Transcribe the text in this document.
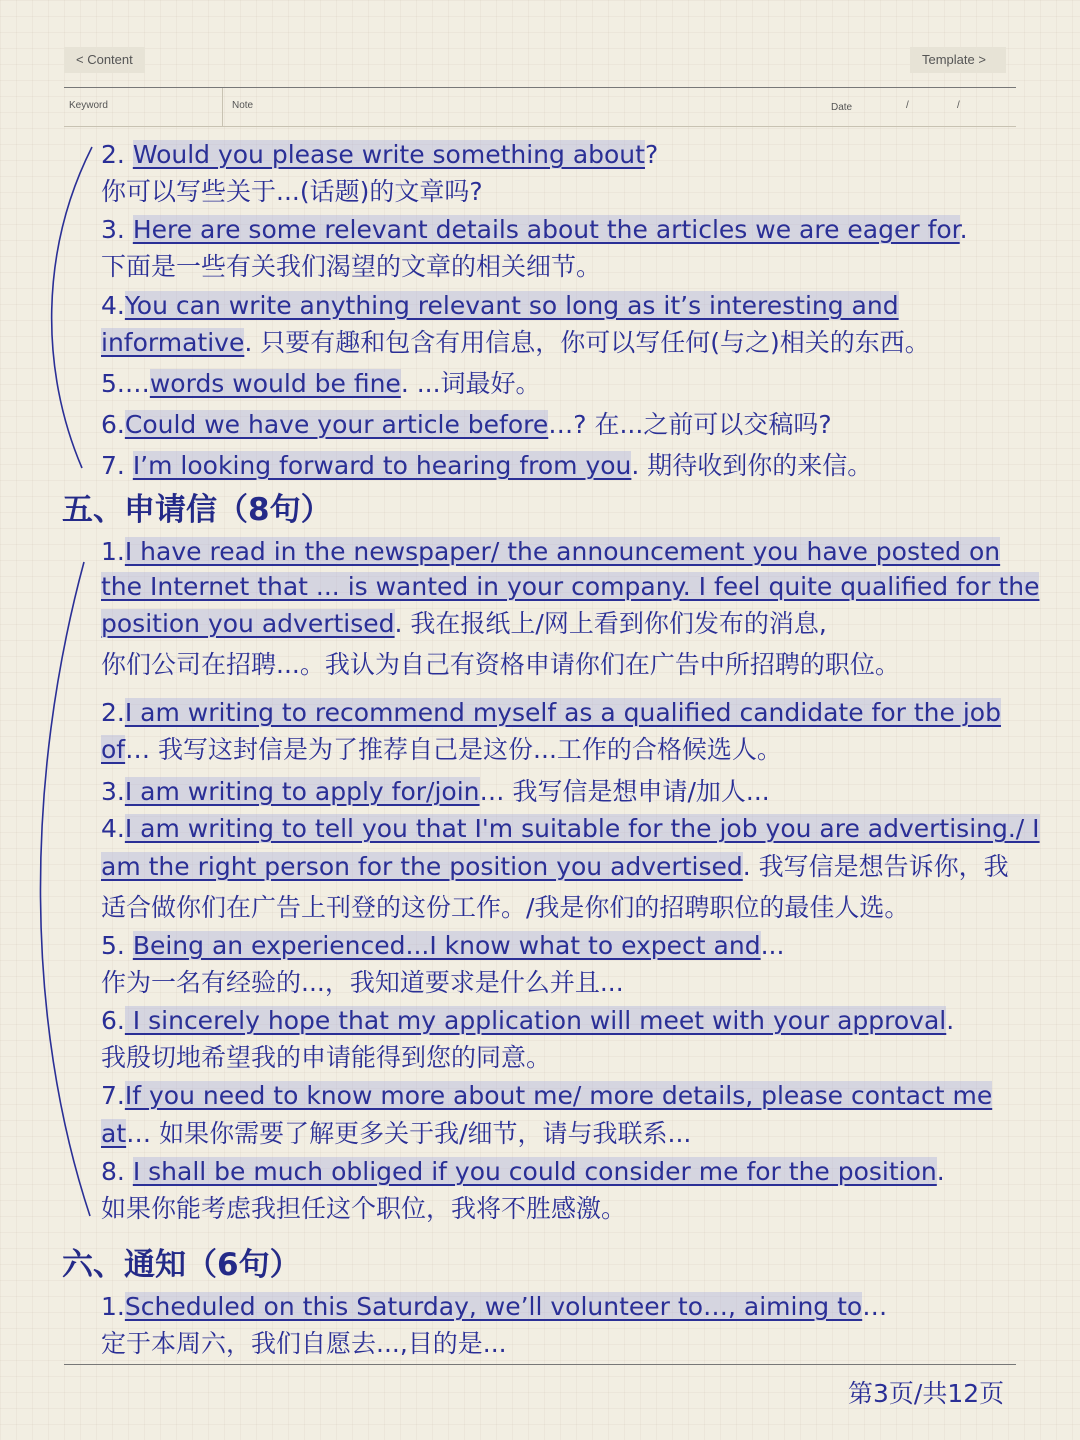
< Content	Template >
Keyword	Note	Date	/	/
2. Would you please write something about?
你可以写些关于...(话题)的文章吗?
3. Here are some relevant details about the articles we are eager for.
下面是一些有关我们渴望的文章的相关细节。
4.You can write anything relevant so long as it’s interesting and
informative. 只要有趣和包含有用信息，你可以写任何(与之)相关的东西。
5.…words would be fine. ...词最好。
6.Could we have your article before…? 在...之前可以交稿吗?
7. I’m looking forward to hearing from you. 期待收到你的来信。
五、申请信（8句）
1.I have read in the newspaper/ the announcement you have posted on
the Internet that ... is wanted in your company. I feel quite qualified for the
position you advertised. 我在报纸上/网上看到你们发布的消息,
你们公司在招聘...。我认为自己有资格申请你们在广告中所招聘的职位。
2.I am writing to recommend myself as a qualified candidate for the job
of… 我写这封信是为了推荐自己是这份...工作的合格候选人。
3.I am writing to apply for/join… 我写信是想申请/加人...
4.I am writing to tell you that I'm suitable for the job you are advertising./ I
am the right person for the position you advertised. 我写信是想告诉你，我
适合做你们在广告上刊登的这份工作。/我是你们的招聘职位的最佳人选。
5. Being an experienced...I know what to expect and...
作为一名有经验的...，我知道要求是什么并且...
6. I sincerely hope that my application will meet with your approval.
我殷切地希望我的申请能得到您的同意。
7.If you need to know more about me/ more details, please contact me
at… 如果你需要了解更多关于我/细节，请与我联系...
8. I shall be much obliged if you could consider me for the position.
如果你能考虑我担任这个职位，我将不胜感激。
六、通知（6句）
1.Scheduled on this Saturday, we’ll volunteer to…, aiming to…
定于本周六，我们自愿去...,目的是...
第3页/共12页
